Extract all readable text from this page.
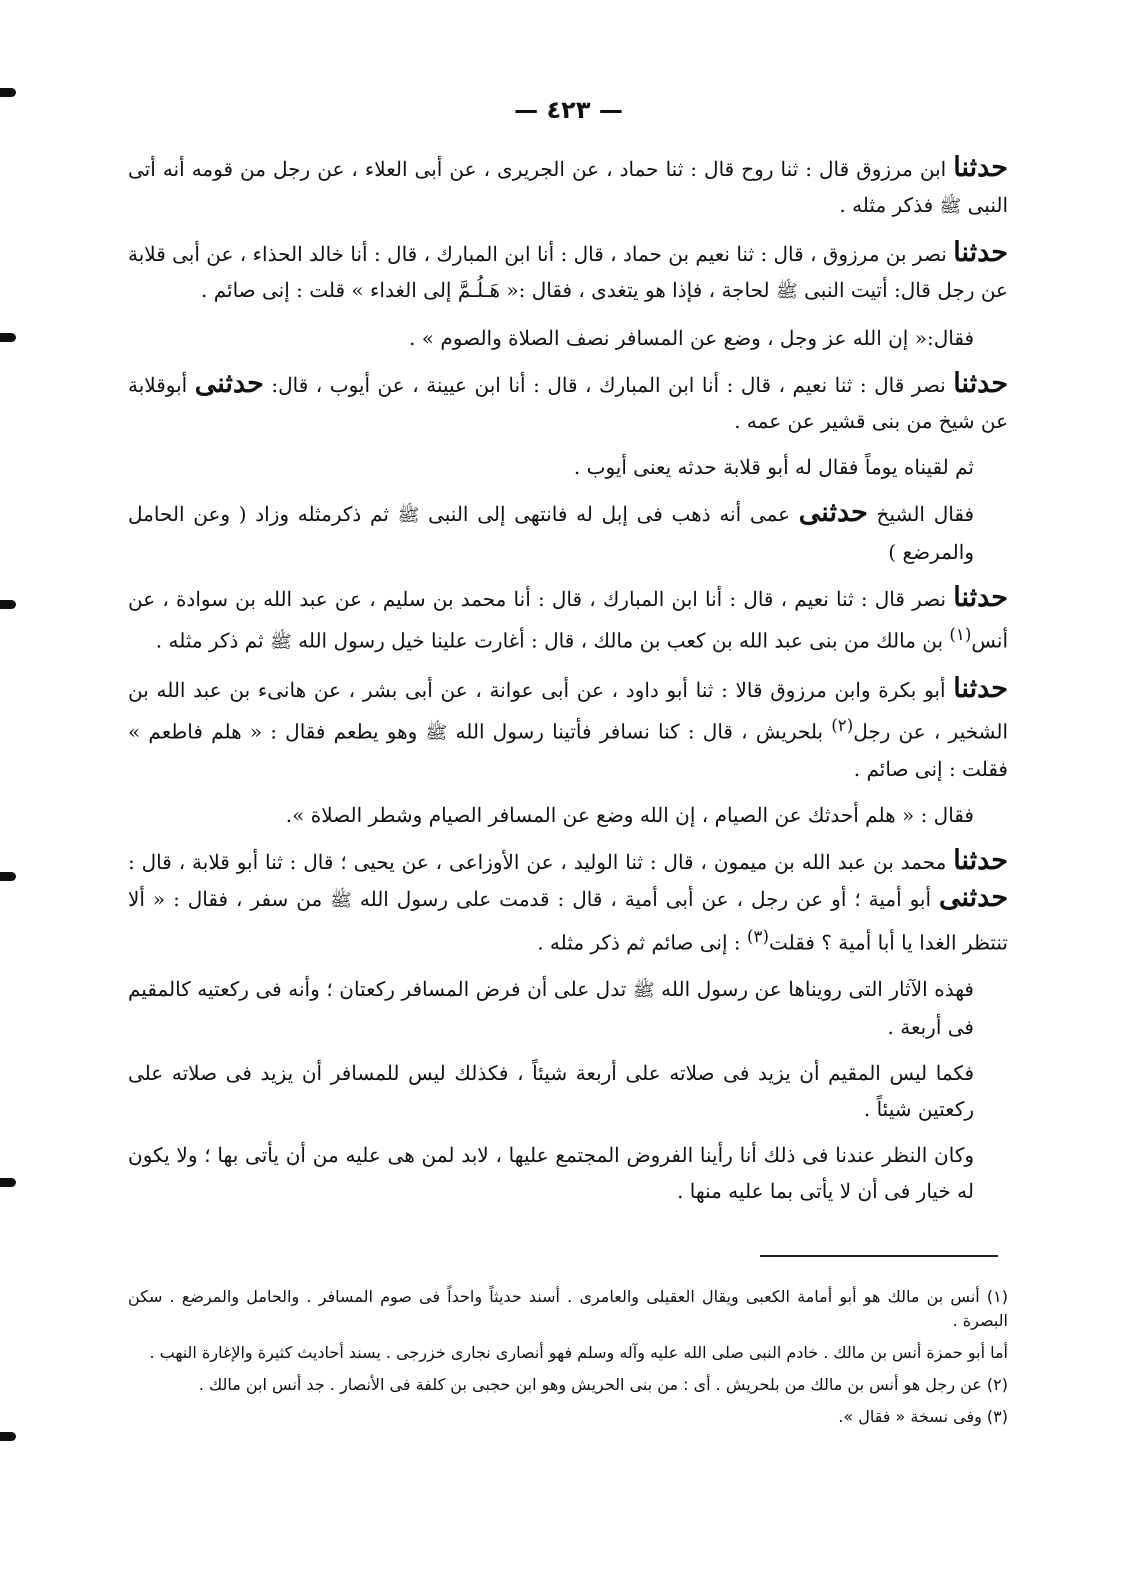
— ٤٢٣ —

حدثنا ابن مرزوق قال : ثنا روح قال : ثنا حماد ، عن الجريرى ، عن أبى العلاء ، عن رجل من قومه أنه أتى النبى ﷺ فذكر مثله .

حدثنا نصر بن مرزوق ، قال : ثنا نعيم بن حماد ، قال : أنا ابن المبارك ، قال : أنا خالد الحذاء ، عن أبى قلابة عن رجل قال: أتيت النبى ﷺ لحاجة ، فإذا هو يتغدى ، فقال :« هَـلُـمَّ إلى الغداء » قلت : إنى صائم .

فقال:« إن الله عز وجل ، وضع عن المسافر نصف الصلاة والصوم » .

حدثنا نصر قال : ثنا نعيم ، قال : أنا ابن المبارك ، قال : أنا ابن عيينة ، عن أيوب ، قال: حدثنى أبوقلابة عن شيخ من بنى قشير عن عمه .

ثم لقيناه يوماً فقال له أبو قلابة حدثه يعنى أيوب .

فقال الشيخ حدثنى عمى أنه ذهب فى إبل له فانتهى إلى النبى ﷺ ثم ذكرمثله وزاد ( وعن الحامل والمرضع )

حدثنا نصر قال : ثنا نعيم ، قال : أنا ابن المبارك ، قال : أنا محمد بن سليم ، عن عبد الله بن سوادة ، عن أنس$^{(١)}$ بن مالك من بنى عبد الله بن كعب بن مالك ، قال : أغارت علينا خيل رسول الله ﷺ ثم ذكر مثله .

حدثنا أبو بكرة وابن مرزوق قالا : ثنا أبو داود ، عن أبى عوانة ، عن أبى بشر ، عن هانىء بن عبد الله بن الشخير ، عن رجل$^{(٢)}$ بلحريش ، قال : كنا نسافر فأتينا رسول الله ﷺ وهو يطعم فقال : « هلم فاطعم » فقلت : إنى صائم .

فقال : « هلم أحدثك عن الصيام ، إن الله وضع عن المسافر الصيام وشطر الصلاة ».

حدثنا محمد بن عبد الله بن ميمون ، قال : ثنا الوليد ، عن الأوزاعى ، عن يحيى ؛ قال : ثنا أبو قلابة ، قال : حدثنى أبو أمية ؛ أو عن رجل ، عن أبى أمية ، قال : قدمت على رسول الله ﷺ من سفر ، فقال : « ألا تنتظر الغدا يا أبا أمية ؟ فقلت$^{(٣)}$ : إنى صائم ثم ذكر مثله .

فهذه الآثار التى رويناها عن رسول الله ﷺ تدل على أن فرض المسافر ركعتان ؛ وأنه فى ركعتيه كالمقيم فى أربعة .

فكما ليس المقيم أن يزيد فى صلاته على أربعة شيئاً ، فكذلك ليس للمسافر أن يزيد فى صلاته على ركعتين شيئاً .

وكان النظر عندنا فى ذلك أنا رأينا الفروض المجتمع عليها ، لابد لمن هى عليه من أن يأتى بها ؛ ولا يكون له خيار فى أن لا يأتى بما عليه منها .

(١) أنس بن مالك هو أبو أمامة الكعبى ويقال العقيلى والعامرى . أسند حديثاً واحداً فى صوم المسافر . والحامل والمرضع . سكن البصرة .

أما أبو حمزة أنس بن مالك . خادم النبى صلى الله عليه وآله وسلم فهو أنصارى نجارى خزرجى . يسند أحاديث كثيرة والإغارة النهب .

(٢) عن رجل هو أنس بن مالك من بلحريش . أى : من بنى الحريش وهو ابن حجبى بن كلفة فى الأنصار . جد أنس ابن مالك .

(٣) وفى نسخة « فقال ».
